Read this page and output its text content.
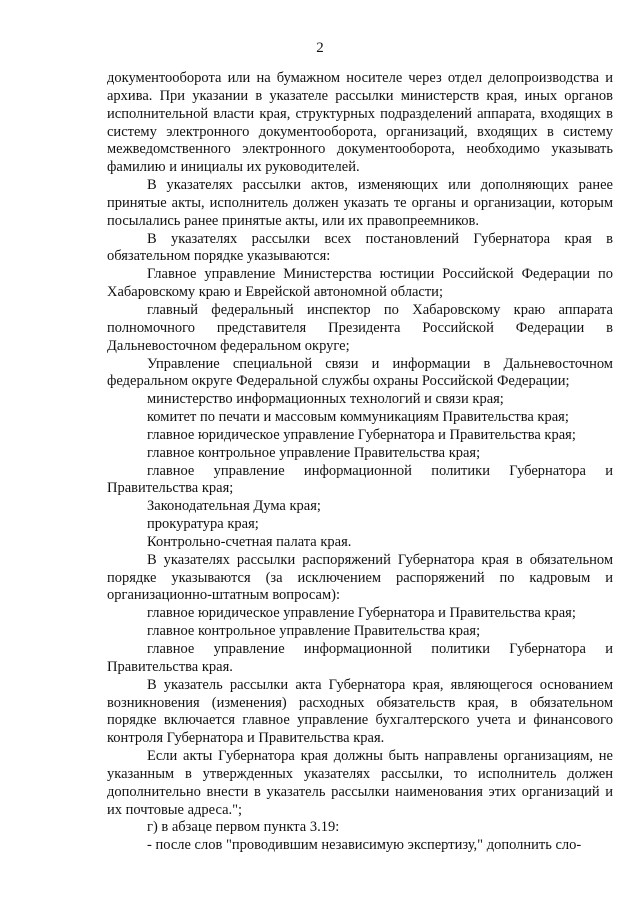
2

документооборота или на бумажном носителе через отдел делопроизводства и архива. При указании в указателе рассылки министерств края, иных органов исполнительной власти края, структурных подразделений аппарата, входящих в систему электронного документооборота, организаций, входящих в систему межведомственного электронного документооборота, необходимо указывать фамилию и инициалы их руководителей.

В указателях рассылки актов, изменяющих или дополняющих ранее принятые акты, исполнитель должен указать те органы и организации, которым посылались ранее принятые акты, или их правопреемников.

В указателях рассылки всех постановлений Губернатора края в обязательном порядке указываются:

Главное управление Министерства юстиции Российской Федерации по Хабаровскому краю и Еврейской автономной области;

главный федеральный инспектор по Хабаровскому краю аппарата полномочного представителя Президента Российской Федерации в Дальневосточном федеральном округе;

Управление специальной связи и информации в Дальневосточном федеральном округе Федеральной службы охраны Российской Федерации;

министерство информационных технологий и связи края;

комитет по печати и массовым коммуникациям Правительства края;

главное юридическое управление Губернатора и Правительства края;

главное контрольное управление Правительства края;

главное управление информационной политики Губернатора и Правительства края;

Законодательная Дума края;

прокуратура края;

Контрольно-счетная палата края.

В указателях рассылки распоряжений Губернатора края в обязательном порядке указываются (за исключением распоряжений по кадровым и организационно-штатным вопросам):

главное юридическое управление Губернатора и Правительства края;

главное контрольное управление Правительства края;

главное управление информационной политики Губернатора и Правительства края.

В указатель рассылки акта Губернатора края, являющегося основанием возникновения (изменения) расходных обязательств края, в обязательном порядке включается главное управление бухгалтерского учета и финансового контроля Губернатора и Правительства края.

Если акты Губернатора края должны быть направлены организациям, не указанным в утвержденных указателях рассылки, то исполнитель должен дополнительно внести в указатель рассылки наименования этих организаций и их почтовые адреса.";

г) в абзаце первом пункта 3.19:

- после слов "проводившим независимую экспертизу," дополнить сло-
